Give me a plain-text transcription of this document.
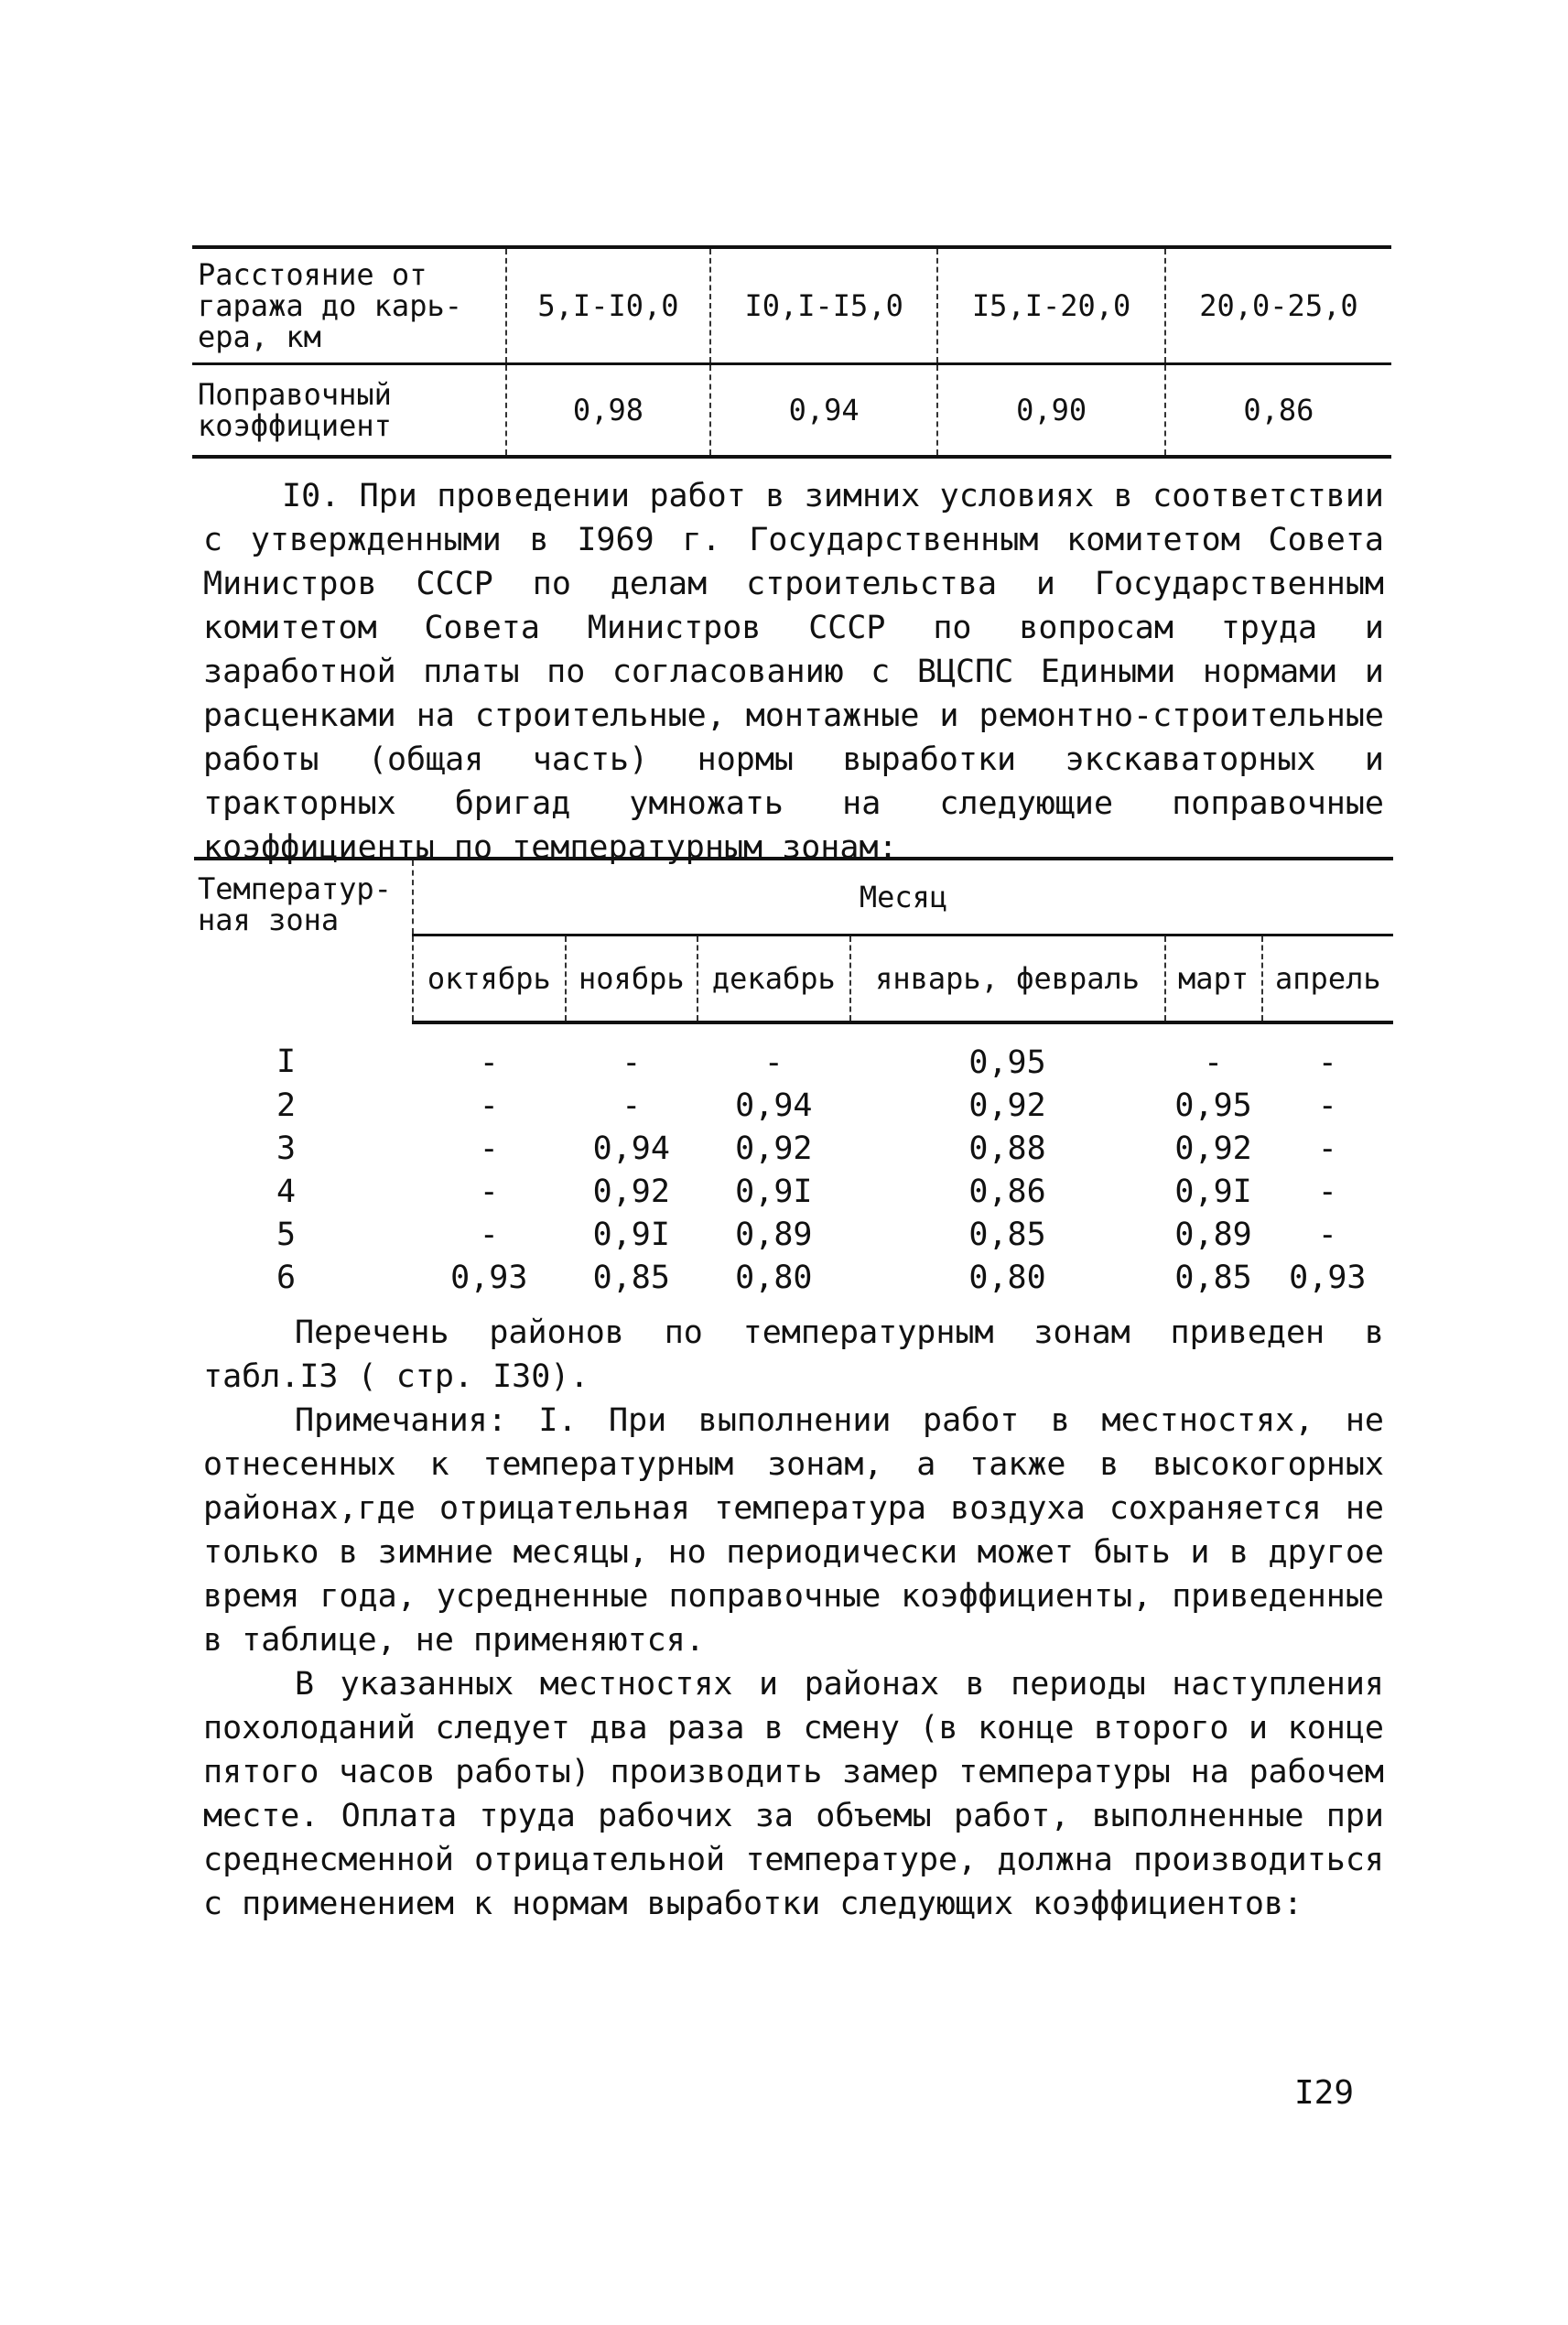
Расстояние от гаража до карь- ера, км	5,I-I0,0	I0,I-I5,0	I5,I-20,0	20,0-25,0
Поправочный коэффициент	0,98	0,94	0,90	0,86
I0. При проведении работ в зимних условиях в соответствии с утвержденными в I969 г. Государственным комитетом Совета Министров СССР по делам строительства и Государственным комитетом Совета Министров СССР по вопросам труда и заработной платы по согласованию с ВЦСПС Едиными нормами и расценками на строительные, монтажные и ремонтно-строительные работы (общая часть) нормы выработки экскаваторных и тракторных бригад умножать на следующие поправочные коэффициенты по температурным зонам:
Температур- ная зона	Месяц					
	октябрь	ноябрь	декабрь	январь, февраль	март	апрель
I	-	-	-	0,95	-	-
2	-	-	0,94	0,92	0,95	-
3	-	0,94	0,92	0,88	0,92	-
4	-	0,92	0,9I	0,86	0,9I	-
5	-	0,9I	0,89	0,85	0,89	-
6	0,93	0,85	0,80	0,80	0,85	0,93
Перечень районов по температурным зонам приведен в табл.I3 ( стр. I30).
Примечания: I. При выполнении работ в местностях, не отнесенных к температурным зонам, а также в высокогорных районах,где отрицательная температура воздуха сохраняется не только в зимние месяцы, но периодически может быть и в другое время года, усредненные поправочные коэффициенты, приведенные в таблице, не применяются.
В указанных местностях и районах в периоды наступления похолоданий следует два раза в смену (в конце второго и конце пятого часов работы) производить замер температуры на рабочем месте. Оплата труда рабочих за объемы работ, выполненные при среднесменной отрицательной температуре, должна производиться с применением к нормам выработки следующих коэффициентов:
I29
